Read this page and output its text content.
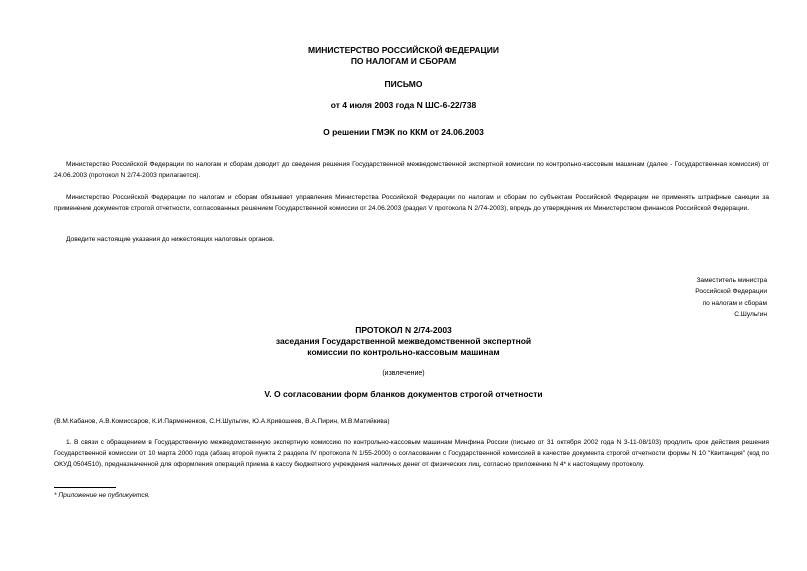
МИНИСТЕРСТВО РОССИЙСКОЙ ФЕДЕРАЦИИ
ПО НАЛОГАМ И СБОРАМ
ПИСЬМО
от 4 июля 2003 года N ШС-6-22/738
О решении ГМЭК по ККМ от 24.06.2003
Министерство Российской Федерации по налогам и сборам доводит до сведения решения Государственной межведомственной экспертной комиссии по контрольно-кассовым машинам (далее - Государственная комиссия) от 24.06.2003 (протокол N 2/74-2003 прилагается).
Министерство Российской Федерации по налогам и сборам обязывает управления Министерства Российской Федерации по налогам и сборам по субъектам Российской Федерации не применять штрафные санкции за применение документов строгой отчетности, согласованных решением Государственной комиссии от 24.06.2003 (раздел V протокола N 2/74-2003), впредь до утверждения их Министерством финансов Российской Федерации.
Доведите настоящие указания до нижестоящих налоговых органов.
Заместитель министра
Российской Федерации
по налогам и сборам
С.Шульгин
ПРОТОКОЛ N 2/74-2003
заседания Государственной межведомственной экспертной
комиссии по контрольно-кассовым машинам
(извлечение)
V. О согласовании форм бланков документов строгой отчетности
(В.М.Кабанов, А.В.Комиссаров, К.И.Пармененков, С.Н.Шульгин, Ю.А.Кривошеев, В.А.Пирин, М.В.Матийкива)
1. В связи с обращением в Государственную межведомственную экспертную комиссию по контрольно-кассовым машинам Минфина России (письмо от 31 октября 2002 года N 3-11-08/103) продлить срок действия решения Государственной комиссии от 10 марта 2000 года (абзац второй пункта 2 раздела IV протокола N 1/55-2000) о согласовании с Государственной комиссией в качестве документа строгой отчетности формы N 10 "Квитанция" (код по ОКУД 0504510), предназначенной для оформления операций приема в кассу бюджетного учреждения наличных денег от физических лиц, согласно приложению N 4* к настоящему протоколу.
* Приложение не публикуется.
